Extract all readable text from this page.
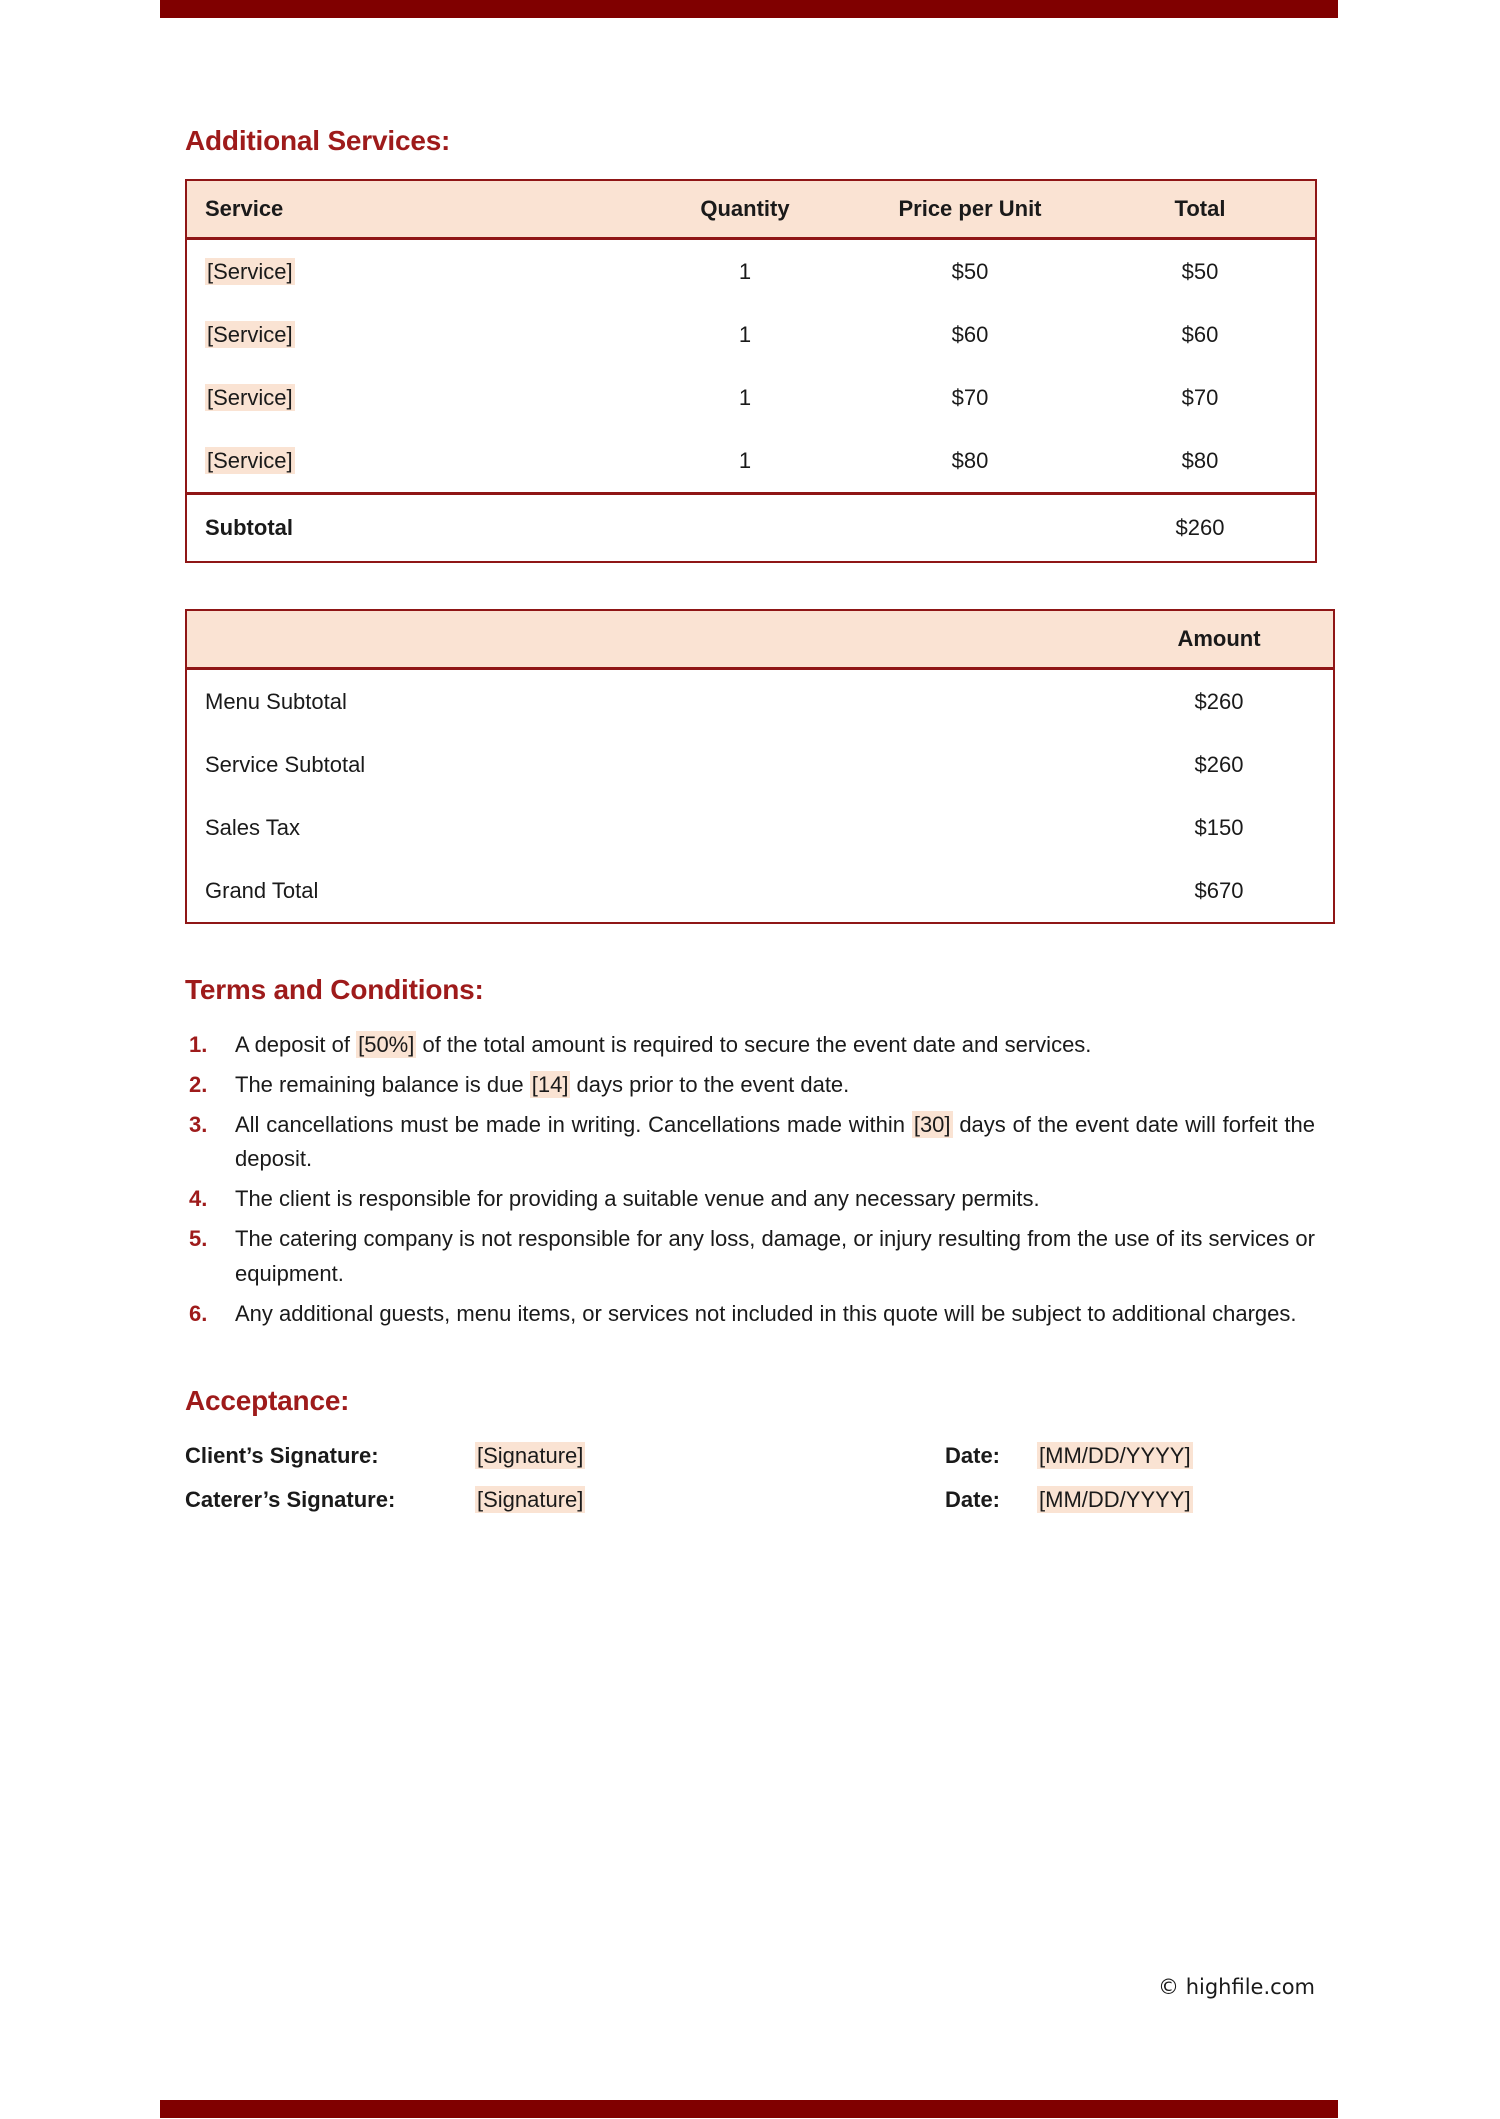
Additional Services:
Service	Quantity	Price per Unit	Total
[Service]	1	$50	$50
[Service]	1	$60	$60
[Service]	1	$70	$70
[Service]	1	$80	$80
Subtotal			$260
	Amount
Menu Subtotal	$260
Service Subtotal	$260
Sales Tax	$150
Grand Total	$670
Terms and Conditions:
A deposit of [50%] of the total amount is required to secure the event date and services.
The remaining balance is due [14] days prior to the event date.
All cancellations must be made in writing. Cancellations made within [30] days of the event date will forfeit the deposit.
The client is responsible for providing a suitable venue and any necessary permits.
The catering company is not responsible for any loss, damage, or injury resulting from the use of its services or equipment.
Any additional guests, menu items, or services not included in this quote will be subject to additional charges.
Acceptance:
Client’s Signature:	[Signature]	Date:	[MM/DD/YYYY]
Caterer’s Signature:	[Signature]	Date:	[MM/DD/YYYY]
© highfile.com
